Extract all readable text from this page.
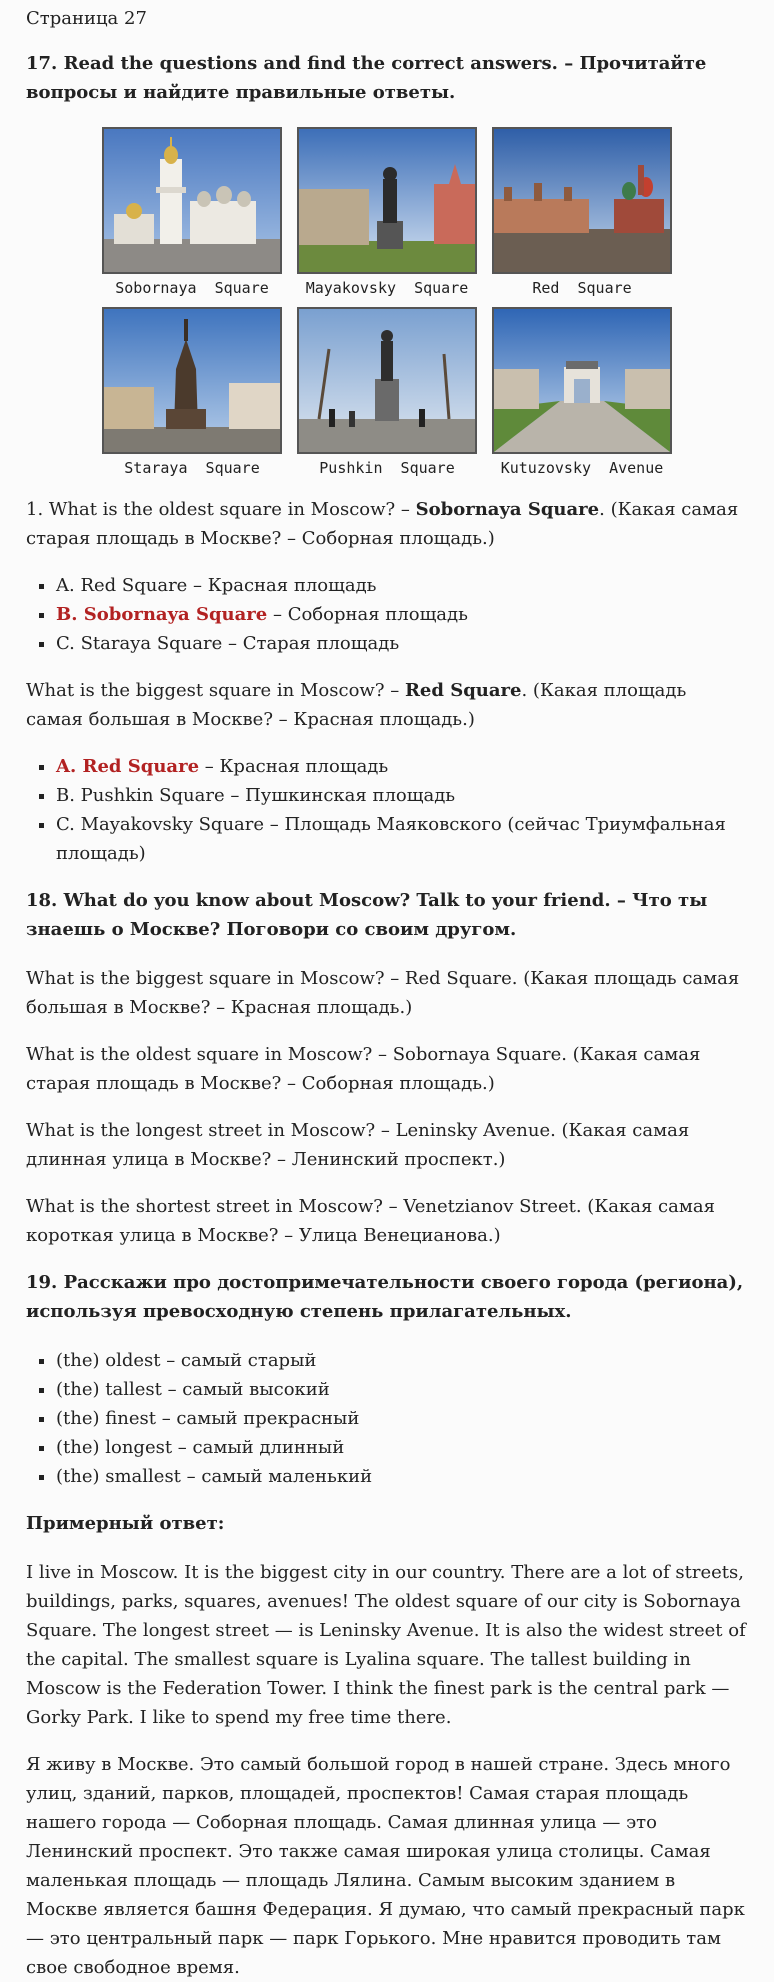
Страница 27
17. Read the questions and find the correct answers. – Прочитайте вопросы и найдите правильные ответы.
Sobornaya  Square	Mayakovsky  Square	Red  Square
Staraya  Square	Pushkin  Square	Kutuzovsky  Avenue

1. What is the oldest square in Moscow? – Sobornaya Square. (Какая самая старая площадь в Москве? – Соборная площадь.)

▪ A. Red Square – Красная площадь
▪ B. Sobornaya Square – Соборная площадь
▪ C. Staraya Square – Старая площадь

What is the biggest square in Moscow? – Red Square. (Какая площадь самая большая в Москве? – Красная площадь.)

▪ A. Red Square – Красная площадь
▪ B. Pushkin Square – Пушкинская площадь
▪ C. Mayakovsky Square – Площадь Маяковского (сейчас Триумфальная площадь)
18. What do you know about Moscow? Talk to your friend. – Что ты знаешь о Москве? Поговори со своим другом.

What is the biggest square in Moscow? – Red Square. (Какая площадь самая большая в Москве? – Красная площадь.)

What is the oldest square in Moscow? – Sobornaya Square. (Какая самая старая площадь в Москве? – Соборная площадь.)

What is the longest street in Moscow? – Leninsky Avenue. (Какая самая длинная улица в Москве? – Ленинский проспект.)

What is the shortest street in Moscow? – Venetzianov Street. (Какая самая короткая улица в Москве? – Улица Венецианова.)

19. Расскажи про достопримечательности своего города (региона), используя превосходную степень прилагательных.
▪ (the) oldest – самый старый
▪ (the) tallest – самый высокий
▪ (the) finest – самый прекрасный
▪ (the) longest – самый длинный
▪ (the) smallest – самый маленький
Примерный ответ:

I live in Moscow. It is the biggest city in our country. There are a lot of streets, buildings, parks, squares, avenues! The oldest square of our city is Sobornaya Square. The longest street — is Leninsky Avenue. It is also the widest street of the capital. The smallest square is Lyalina square. The tallest building in Moscow is the Federation Tower. I think the finest park is the central park — Gorky Park. I like to spend my free time there.

Я живу в Москве. Это самый большой город в нашей стране. Здесь много улиц, зданий, парков, площадей, проспектов! Самая старая площадь нашего города — Соборная площадь. Самая длинная улица — это Ленинский проспект. Это также самая широкая улица столицы. Самая маленькая площадь — площадь Лялина. Самым высоким зданием в Москве является башня Федерация. Я думаю, что самый прекрасный парк — это центральный парк — парк Горького. Мне нравится проводить там свое свободное время.
